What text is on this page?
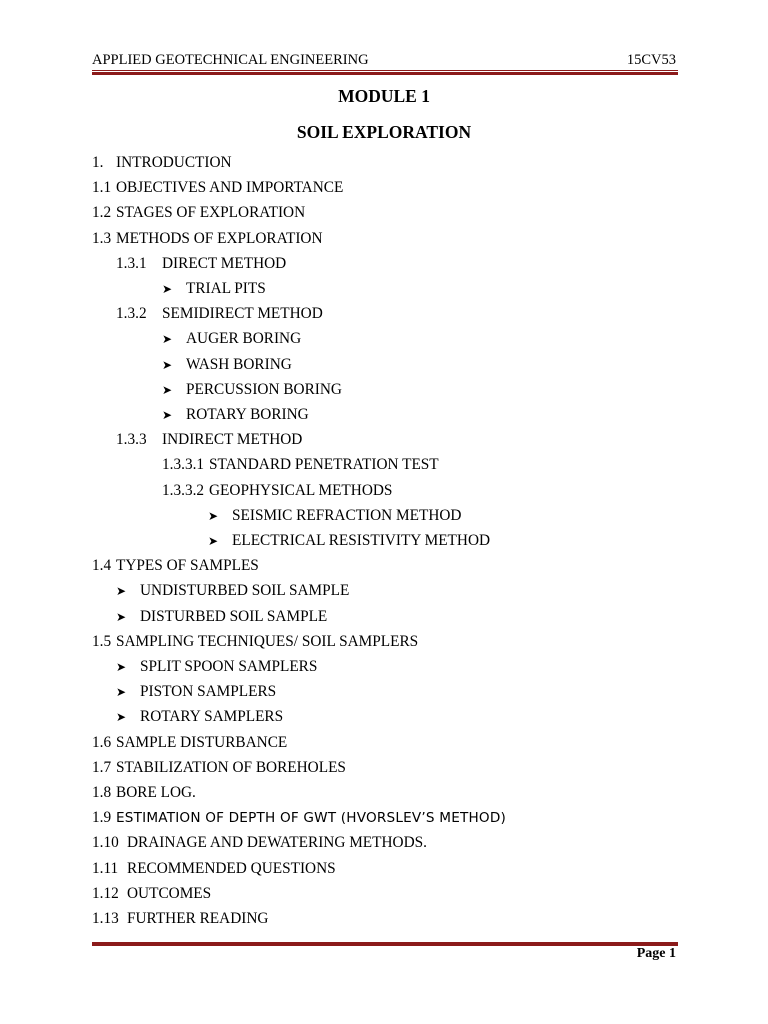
APPLIED GEOTECHNICAL ENGINEERING	15CV53
MODULE 1
SOIL EXPLORATION
1. INTRODUCTION
1.1 OBJECTIVES AND IMPORTANCE
1.2 STAGES OF EXPLORATION
1.3 METHODS OF EXPLORATION
1.3.1 DIRECT METHOD
➤ TRIAL PITS
1.3.2 SEMIDIRECT METHOD
➤ AUGER BORING
➤ WASH BORING
➤ PERCUSSION BORING
➤ ROTARY BORING
1.3.3 INDIRECT METHOD
1.3.3.1 STANDARD PENETRATION TEST
1.3.3.2 GEOPHYSICAL METHODS
➤ SEISMIC REFRACTION METHOD
➤ ELECTRICAL RESISTIVITY METHOD
1.4 TYPES OF SAMPLES
➤ UNDISTURBED SOIL SAMPLE
➤ DISTURBED SOIL SAMPLE
1.5 SAMPLING TECHNIQUES/ SOIL SAMPLERS
➤ SPLIT SPOON SAMPLERS
➤ PISTON SAMPLERS
➤ ROTARY SAMPLERS
1.6 SAMPLE DISTURBANCE
1.7 STABILIZATION OF BOREHOLES
1.8 BORE LOG.
1.9 ESTIMATION OF DEPTH OF GWT (HVORSLEV’S METHOD)
1.10 DRAINAGE AND DEWATERING METHODS.
1.11 RECOMMENDED QUESTIONS
1.12 OUTCOMES
1.13 FURTHER READING
Page 1
